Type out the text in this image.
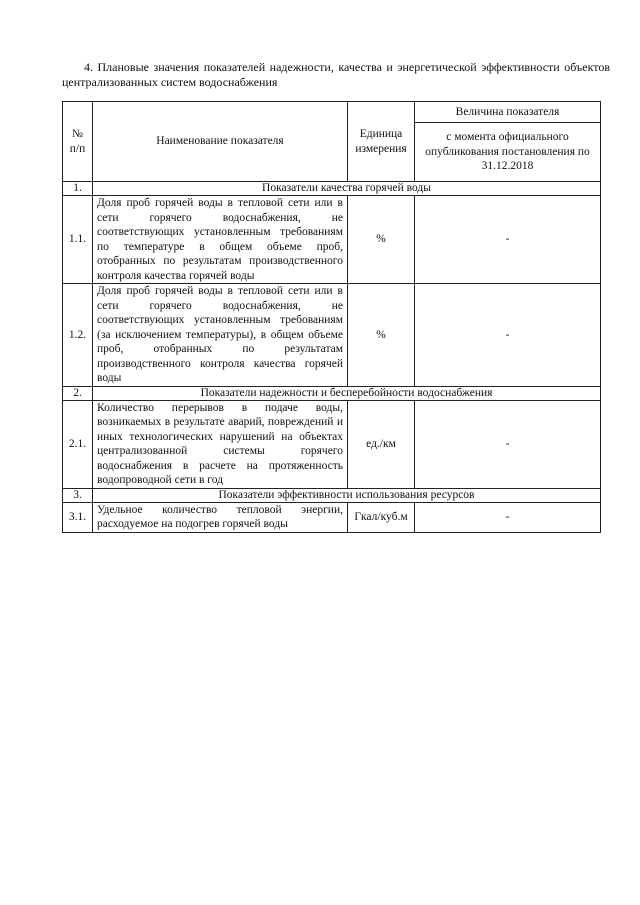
4. Плановые значения показателей надежности, качества и энергетической эффективности объектов централизованных систем водоснабжения
№ п/п	Наименование показателя	Единица измерения	Величина показателя
			с момента официального опубликования постановления по 31.12.2018
1.	Показатели качества горячей воды		
1.1.	Доля проб горячей воды в тепловой сети или в сети горячего водоснабжения, не соответствующих установленным требованиям по температуре в общем объеме проб, отобранных по результатам производственного контроля качества горячей воды	%	-
1.2.	Доля проб горячей воды в тепловой сети или в сети горячего водоснабжения, не соответствующих установленным требованиям (за исключением температуры), в общем объеме проб, отобранных по результатам производственного контроля качества горячей воды	%	-
2.	Показатели надежности и бесперебойности водоснабжения		
2.1.	Количество перерывов в подаче воды, возникаемых в результате аварий, повреждений и иных технологических нарушений на объектах централизованной системы горячего водоснабжения в расчете на протяженность водопроводной сети в год	ед./км	-
3.	Показатели эффективности использования ресурсов		
3.1.	Удельное количество тепловой энергии, расходуемое на подогрев горячей воды	Гкал/куб.м	-
